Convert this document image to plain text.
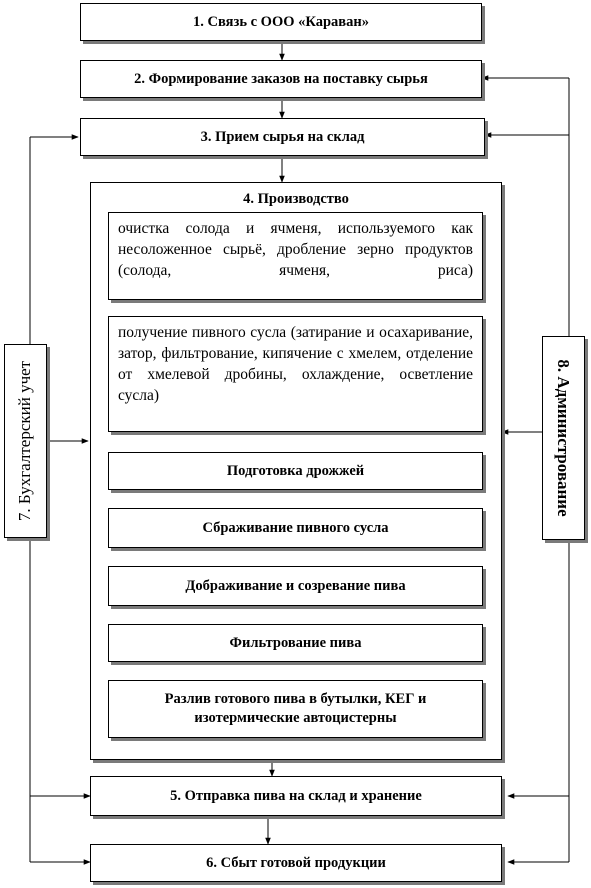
1. Связь с ООО «Караван»
2. Формирование заказов на поставку сырья
3. Прием сырья на склад
4. Производство
очистка солода и ячменя, используемого как несоложенное сырьё, дробление зерно продуктов (солода, ячменя, риса)
получение пивного сусла (затирание и осахаривание, затор, фильтрование, кипячение с хмелем, отделение от хмелевой дробины, охлаждение, осветление сусла)
Подготовка дрожжей
Сбраживание пивного сусла
Дображивание и созревание пива
Фильтрование пива
Разлив готового пива в бутылки, КЕГ и изотермические автоцистерны
5. Отправка пива на склад и хранение
6. Сбыт готовой продукции
7. Бухгалтерский учет	8. Администрование
